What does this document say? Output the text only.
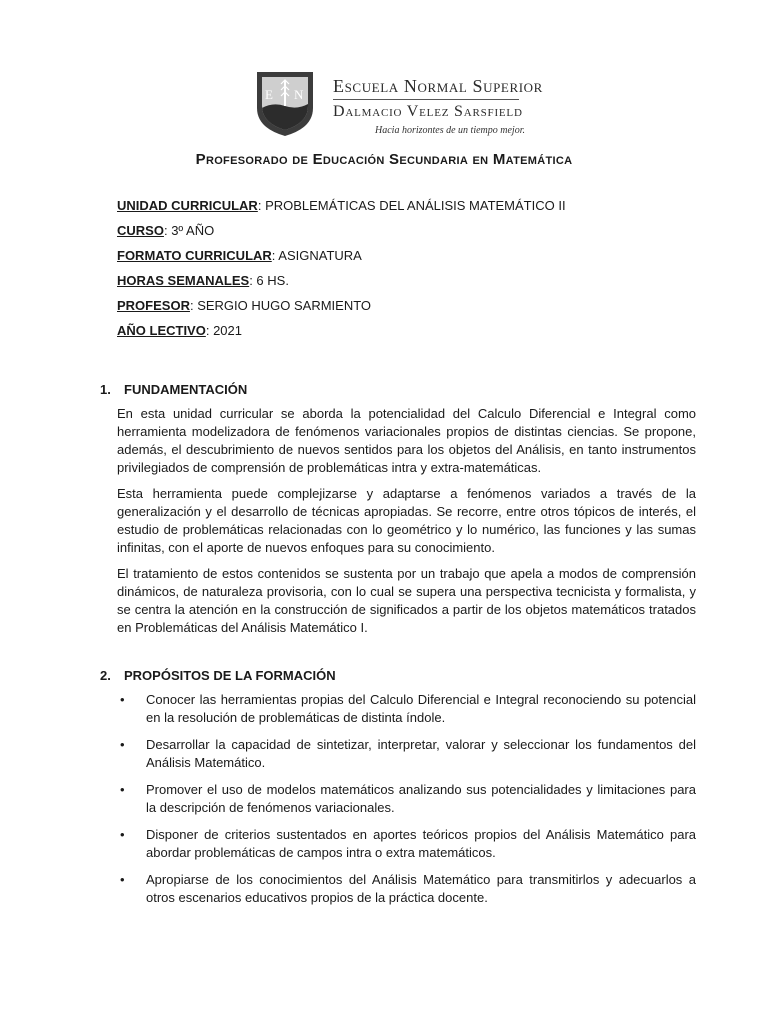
E N Escuela Normal Superior
Dalmacio Velez Sarsfield
Hacia horizontes de un tiempo mejor.
Profesorado de Educación Secundaria en Matemática
UNIDAD CURRICULAR: PROBLEMÁTICAS DEL ANÁLISIS MATEMÁTICO II
CURSO: 3º AÑO
FORMATO CURRICULAR: ASIGNATURA
HORAS SEMANALES: 6 HS.
PROFESOR: SERGIO HUGO SARMIENTO
AÑO LECTIVO: 2021
1. FUNDAMENTACIÓN

En esta unidad curricular se aborda la potencialidad del Calculo Diferencial e Integral como herramienta modelizadora de fenómenos variacionales propios de distintas ciencias. Se propone, además, el descubrimiento de nuevos sentidos para los objetos del Análisis, en tanto instrumentos privilegiados de comprensión de problemáticas intra y extra-matemáticas.

Esta herramienta puede complejizarse y adaptarse a fenómenos variados a través de la generalización y el desarrollo de técnicas apropiadas. Se recorre, entre otros tópicos de interés, el estudio de problemáticas relacionadas con lo geométrico y lo numérico, las funciones y las sumas infinitas, con el aporte de nuevos enfoques para su conocimiento.

El tratamiento de estos contenidos se sustenta por un trabajo que apela a modos de comprensión dinámicos, de naturaleza provisoria, con lo cual se supera una perspectiva tecnicista y formalista, y se centra la atención en la construcción de significados a partir de los objetos matemáticos tratados en Problemáticas del Análisis Matemático I.

2. PROPÓSITOS DE LA FORMACIÓN
• Conocer las herramientas propias del Calculo Diferencial e Integral reconociendo su potencial en la resolución de problemáticas de distinta índole.
• Desarrollar la capacidad de sintetizar, interpretar, valorar y seleccionar los fundamentos del Análisis Matemático.
• Promover el uso de modelos matemáticos analizando sus potencialidades y limitaciones para la descripción de fenómenos variacionales.
• Disponer de criterios sustentados en aportes teóricos propios del Análisis Matemático para abordar problemáticas de campos intra o extra matemáticos.
• Apropiarse de los conocimientos del Análisis Matemático para transmitirlos y adecuarlos a otros escenarios educativos propios de la práctica docente.
